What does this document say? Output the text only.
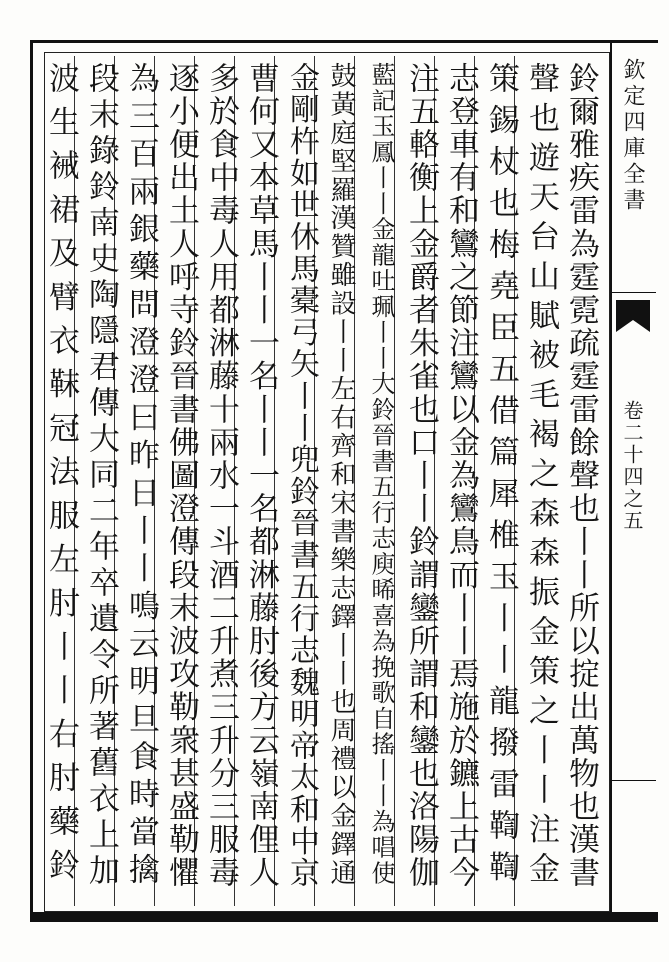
欽定四庫全書
卷二十四之五
鈴爾雅疾雷為霆霓疏霆雷餘聲也丨丨所以掟出萬物也漢書
聲也遊天台山賦被毛褐之森森振金策之丨丨注金
策錫杖也梅堯臣五借篇犀椎玉丨丨龍撥雷鞫鞫
志登車有和鸞之節注鸞以金為鸞鳥而丨丨焉施於鑣上古今
注五輅衡上金爵者朱雀也口丨丨鈴謂鑾所謂和鑾也洛陽伽
藍記玉鳳丨丨金龍吐珮丨丨大鈴晉書五行志庾晞喜為挽歌自搖丨丨為唱使
鼓黃庭堅羅漢贊雖設丨丨左右齊和宋書樂志鐸丨丨也周禮以金鐸通
金剛杵如世休馬橐弓矢丨丨兜鈴晉書五行志魏明帝太和中京
曹何又本草馬丨丨一名丨丨一名都淋藤肘後方云嶺南俚人
多於食中毒人用都淋藤十兩水一斗酒二升煮三升分三服毒
逐小便出土人呼寺鈴晉書佛圖澄傳段末波攻勒衆甚盛勒懼
為三百兩銀藥問澄澄曰昨日丨丨鳴云明旦食時當擒
段末錄鈴南史陶隱君傳大同二年卒遺令所著舊衣上加
波生裓裙及臂衣靺冠法服左肘丨丨右肘藥鈴
